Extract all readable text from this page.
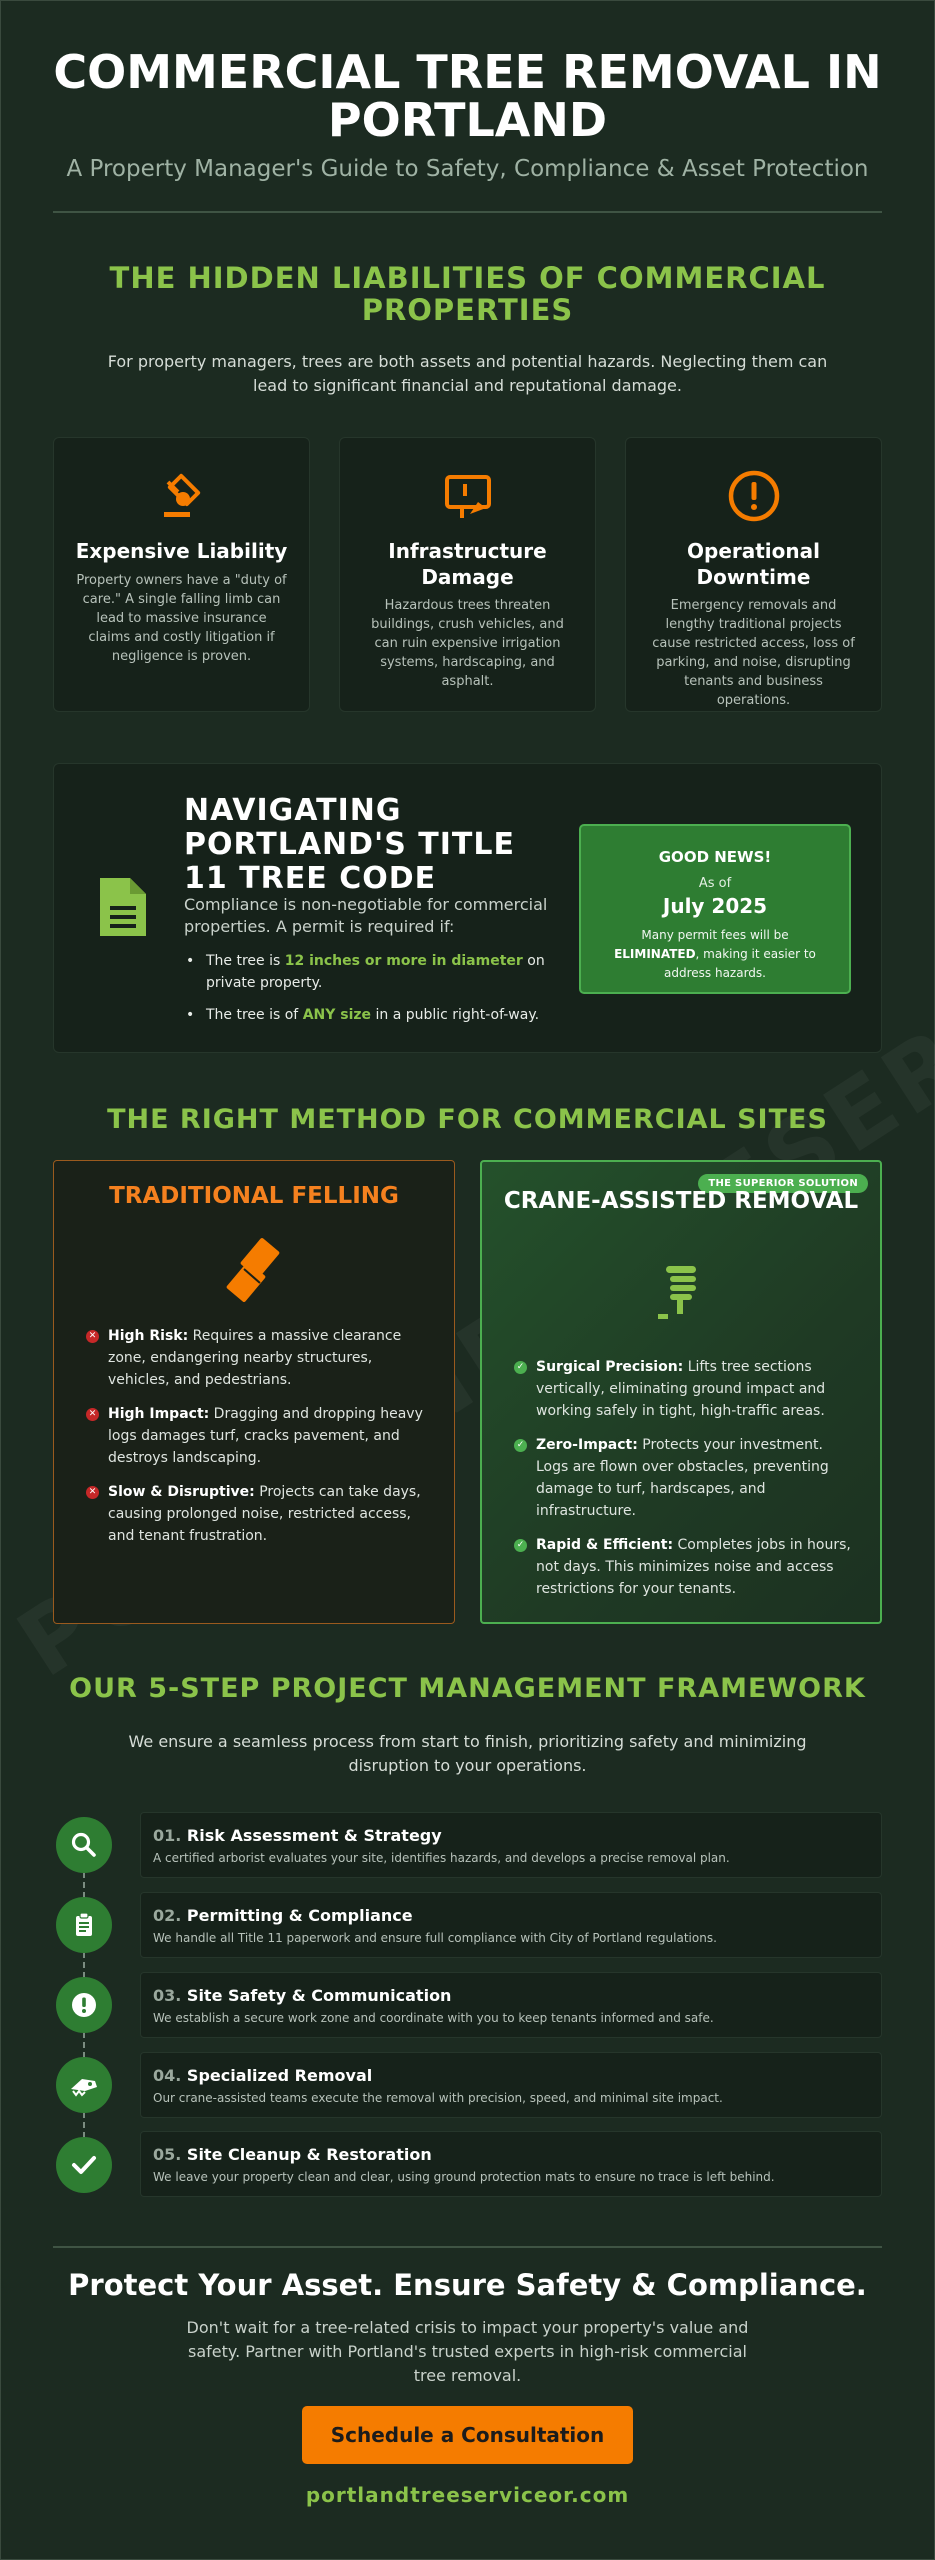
COMMERCIAL TREE REMOVAL IN PORTLAND

A Property Manager's Guide to Safety, Compliance & Asset Protection

THE HIDDEN LIABILITIES OF COMMERCIAL PROPERTIES

For property managers, trees are both assets and potential hazards. Neglecting them can lead to significant financial and reputational damage.

Expensive Liability

Property owners have a "duty of care." A single falling limb can lead to massive insurance claims and costly litigation if negligence is proven.

Infrastructure Damage

Hazardous trees threaten buildings, crush vehicles, and can ruin expensive irrigation systems, hardscaping, and asphalt.

Operational Downtime

Emergency removals and lengthy traditional projects cause restricted access, loss of parking, and noise, disrupting tenants and business operations.

NAVIGATING PORTLAND'S TITLE 11 TREE CODE

Compliance is non-negotiable for commercial properties. A permit is required if:

• The tree is 12 inches or more in diameter on private property.
• The tree is of ANY size in a public right-of-way.
GOOD NEWS!
As of
July 2025
Many permit fees will be ELIMINATED, making it easier to address hazards.
THE RIGHT METHOD FOR COMMERCIAL SITES
TRADITIONAL FELLING
✕ High Risk: Requires a massive clearance zone, endangering nearby structures, vehicles, and pedestrians.
✕ High Impact: Dragging and dropping heavy logs damages turf, cracks pavement, and destroys landscaping.
✕ Slow & Disruptive: Projects can take days, causing prolonged noise, restricted access, and tenant frustration.
THE SUPERIOR SOLUTION
CRANE-ASSISTED REMOVAL
✓ Surgical Precision: Lifts tree sections vertically, eliminating ground impact and working safely in tight, high-traffic areas.
✓ Zero-Impact: Protects your investment. Logs are flown over obstacles, preventing damage to turf, hardscapes, and infrastructure.
✓ Rapid & Efficient: Completes jobs in hours, not days. This minimizes noise and access restrictions for your tenants.
OUR 5-STEP PROJECT MANAGEMENT FRAMEWORK

We ensure a seamless process from start to finish, prioritizing safety and minimizing disruption to your operations.

01. Risk Assessment & Strategy
A certified arborist evaluates your site, identifies hazards, and develops a precise removal plan.
02. Permitting & Compliance
We handle all Title 11 paperwork and ensure full compliance with City of Portland regulations.
03. Site Safety & Communication
We establish a secure work zone and coordinate with you to keep tenants informed and safe.
04. Specialized Removal
Our crane-assisted teams execute the removal with precision, speed, and minimal site impact.
05. Site Cleanup & Restoration
We leave your property clean and clear, using ground protection mats to ensure no trace is left behind.
Protect Your Asset. Ensure Safety & Compliance.

Don't wait for a tree-related crisis to impact your property's value and safety. Partner with Portland's trusted experts in high-risk commercial tree removal.

Schedule a Consultation

portlandtreeserviceor.com
